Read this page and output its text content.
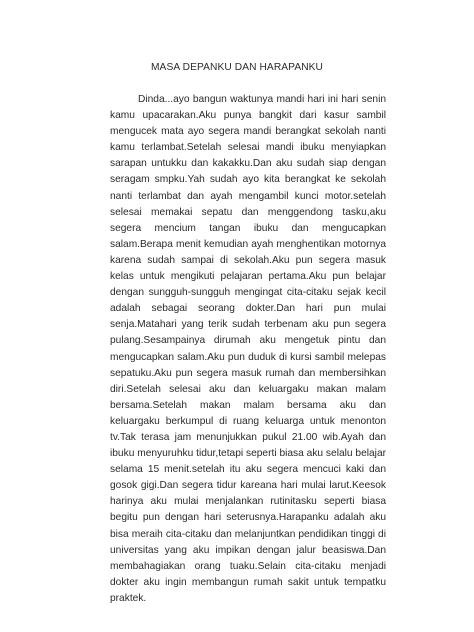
MASA DEPANKU DAN HARAPANKU

Dinda...ayo bangun waktunya mandi hari ini hari senin kamu upacarakan.Aku punya bangkit dari kasur sambil mengucek mata ayo segera mandi berangkat sekolah nanti kamu terlambat.Setelah selesai mandi ibuku menyiapkan sarapan untukku dan kakakku.Dan aku sudah siap dengan seragam smpku.Yah sudah ayo kita berangkat ke sekolah nanti terlambat dan ayah mengambil kunci motor.setelah selesai memakai sepatu dan menggendong tasku,aku segera mencium tangan ibuku dan mengucapkan salam.Berapa menit kemudian ayah menghentikan motornya karena sudah sampai di sekolah.Aku pun segera masuk kelas untuk mengikuti pelajaran pertama.Aku pun belajar dengan sungguh-sungguh mengingat cita-citaku sejak kecil adalah sebagai seorang dokter.Dan hari pun mulai senja.Matahari yang terik sudah terbenam aku pun segera pulang.Sesampainya dirumah aku mengetuk pintu dan mengucapkan salam.Aku pun duduk di kursi sambil melepas sepatuku.Aku pun segera masuk rumah dan membersihkan diri.Setelah selesai aku dan keluargaku makan malam bersama.Setelah makan malam bersama aku dan keluargaku berkumpul di ruang keluarga untuk menonton tv.Tak terasa jam menunjukkan pukul 21.00 wib.Ayah dan ibuku menyuruhku tidur,tetapi seperti biasa aku selalu belajar selama 15 menit.setelah itu aku segera mencuci kaki dan gosok gigi.Dan segera tidur kareana hari mulai larut.Keesok harinya aku mulai menjalankan rutinitasku seperti biasa begitu pun dengan hari seterusnya.Harapanku adalah aku bisa meraih cita-citaku dan melanjuntkan pendidikan tinggi di universitas yang aku impikan dengan jalur beasiswa.Dan membahagiakan orang tuaku.Selain cita-citaku menjadi dokter aku ingin membangun rumah sakit untuk tempatku praktek.
